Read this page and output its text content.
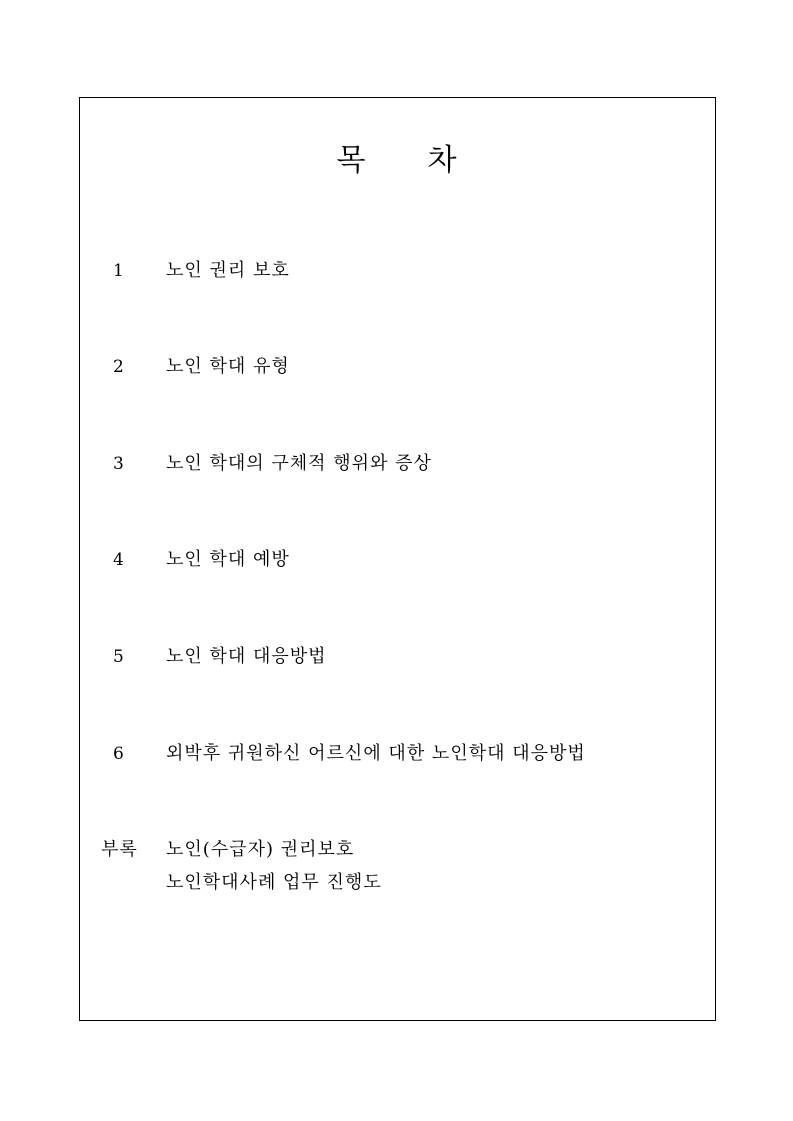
목 차
1	노인 권리 보호
2	노인 학대 유형
3	노인 학대의 구체적 행위와 증상
4	노인 학대 예방
5	노인 학대 대응방법
6	외박후 귀원하신 어르신에 대한 노인학대 대응방법
부록 노인(수급자) 권리보호
노인학대사례 업무 진행도
